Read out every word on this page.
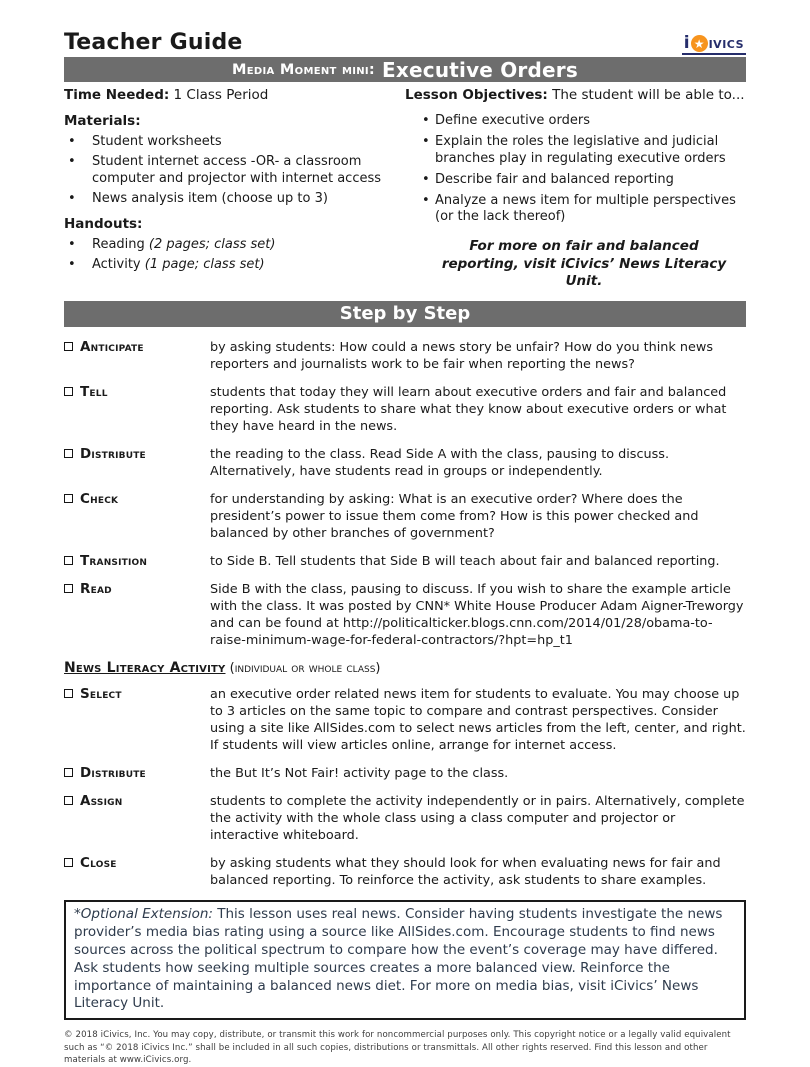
Teacher Guide	i ★ ivics
Media Moment mini: Executive Orders
Time Needed: 1 Class Period	Lesson Objectives: The student will be able to...
Materials:
•	Student worksheets
•	Student internet access -OR- a classroom computer and projector with internet access
•	News analysis item (choose up to 3)
Handouts:
•	Reading (2 pages; class set)
•	Activity (1 page; class set)
• Define executive orders
• Explain the roles the legislative and judicial branches play in regulating executive orders
• Describe fair and balanced reporting
• Analyze a news item for multiple perspectives (or the lack thereof)
For more on fair and balanced reporting, visit iCivics’ News Literacy Unit.
Step by Step
Anticipate	by asking students: How could a news story be unfair? How do you think news reporters and journalists work to be fair when reporting the news?
Tell	students that today they will learn about executive orders and fair and balanced reporting. Ask students to share what they know about executive orders or what they have heard in the news.
Distribute	the reading to the class. Read Side A with the class, pausing to discuss. Alternatively, have students read in groups or independently.
Check	for understanding by asking: What is an executive order? Where does the president’s power to issue them come from? How is this power checked and balanced by other branches of government?
Transition	to Side B. Tell students that Side B will teach about fair and balanced reporting.
Read	Side B with the class, pausing to discuss. If you wish to share the example article with the class. It was posted by CNN* White House Producer Adam Aigner-Treworgy and can be found at http://politicalticker.blogs.cnn.com/2014/01/28/obama-to-raise-minimum-wage-for-federal-contractors/?hpt=hp_t1
News Literacy Activity (individual or whole class)
Select	an executive order related news item for students to evaluate. You may choose up to 3 articles on the same topic to compare and contrast perspectives. Consider using a site like AllSides.com to select news articles from the left, center, and right. If students will view articles online, arrange for internet access.
Distribute	the But It’s Not Fair! activity page to the class.
Assign	students to complete the activity independently or in pairs. Alternatively, complete the activity with the whole class using a class computer and projector or interactive whiteboard.
Close	by asking students what they should look for when evaluating news for fair and balanced reporting. To reinforce the activity, ask students to share examples.
*Optional Extension: This lesson uses real news. Consider having students investigate the news provider’s media bias rating using a source like AllSides.com. Encourage students to find news sources across the political spectrum to compare how the event’s coverage may have differed. Ask students how seeking multiple sources creates a more balanced view. Reinforce the importance of maintaining a balanced news diet. For more on media bias, visit iCivics’ News Literacy Unit.
© 2018 iCivics, Inc. You may copy, distribute, or transmit this work for noncommercial purposes only. This copyright notice or a legally valid equivalent such as “© 2018 iCivics Inc.” shall be included in all such copies, distributions or transmittals. All other rights reserved. Find this lesson and other materials at www.iCivics.org.
